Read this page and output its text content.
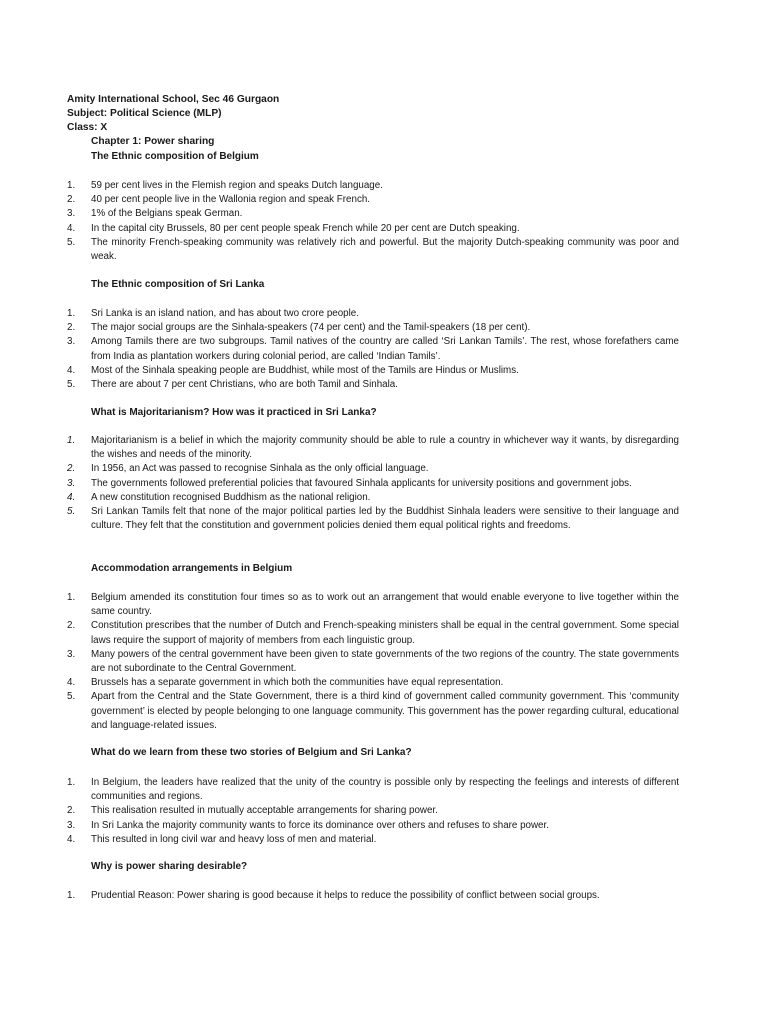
Amity International School, Sec 46 Gurgaon
Subject: Political Science (MLP)
Class: X
Chapter 1: Power sharing
The Ethnic composition of Belgium
1. 59 per cent lives in the Flemish region and speaks Dutch language.
2. 40 per cent people live in the Wallonia region and speak French.
3. 1% of the Belgians speak German.
4. In the capital city Brussels, 80 per cent people speak French while 20 per cent are Dutch speaking.
5. The minority French-speaking community was relatively rich and powerful. But the majority Dutch-speaking community was poor and weak.
The Ethnic composition of Sri Lanka
1. Sri Lanka is an island nation, and has about two crore people.
2. The major social groups are the Sinhala-speakers (74 per cent) and the Tamil-speakers (18 per cent).
3. Among Tamils there are two subgroups. Tamil natives of the country are called ‘Sri Lankan Tamils’. The rest, whose forefathers came from India as plantation workers during colonial period, are called ‘Indian Tamils’.
4. Most of the Sinhala speaking people are Buddhist, while most of the Tamils are Hindus or Muslims.
5. There are about 7 per cent Christians, who are both Tamil and Sinhala.
What is Majoritarianism? How was it practiced in Sri Lanka?
1. Majoritarianism is a belief in which the majority community should be able to rule a country in whichever way it wants, by disregarding the wishes and needs of the minority.
2. In 1956, an Act was passed to recognise Sinhala as the only official language.
3. The governments followed preferential policies that favoured Sinhala applicants for university positions and government jobs.
4. A new constitution recognised Buddhism as the national religion.
5. Sri Lankan Tamils felt that none of the major political parties led by the Buddhist Sinhala leaders were sensitive to their language and culture. They felt that the constitution and government policies denied them equal political rights and freedoms.
Accommodation arrangements in Belgium
1. Belgium amended its constitution four times so as to work out an arrangement that would enable everyone to live together within the same country.
2. Constitution prescribes that the number of Dutch and French-speaking ministers shall be equal in the central government. Some special laws require the support of majority of members from each linguistic group.
3. Many powers of the central government have been given to state governments of the two regions of the country. The state governments are not subordinate to the Central Government.
4. Brussels has a separate government in which both the communities have equal representation.
5. Apart from the Central and the State Government, there is a third kind of government called community government. This ‘community government’ is elected by people belonging to one language community. This government has the power regarding cultural, educational and language-related issues.
What do we learn from these two stories of Belgium and Sri Lanka?
1. In Belgium, the leaders have realized that the unity of the country is possible only by respecting the feelings and interests of different communities and regions.
2. This realisation resulted in mutually acceptable arrangements for sharing power.
3. In Sri Lanka the majority community wants to force its dominance over others and refuses to share power.
4. This resulted in long civil war and heavy loss of men and material.
Why is power sharing desirable?
1. Prudential Reason: Power sharing is good because it helps to reduce the possibility of conflict between social groups.
